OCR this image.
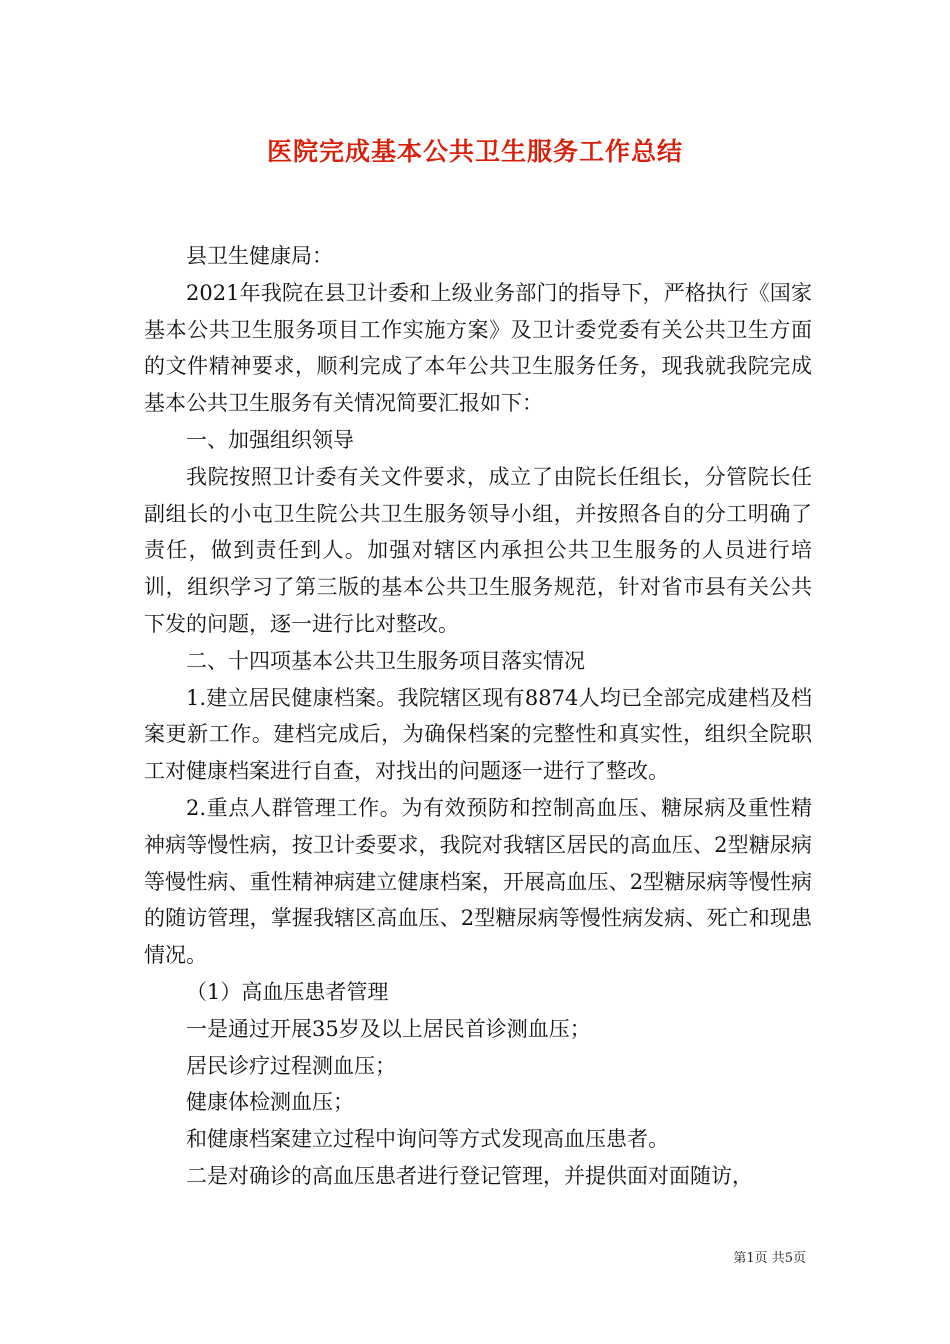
医院完成基本公共卫生服务工作总结

县卫生健康局：

2021年我院在县卫计委和上级业务部门的指导下，严格执行《国家基本公共卫生服务项目工作实施方案》及卫计委党委有关公共卫生方面的文件精神要求，顺利完成了本年公共卫生服务任务，现我就我院完成基本公共卫生服务有关情况简要汇报如下：

一、加强组织领导

我院按照卫计委有关文件要求，成立了由院长任组长，分管院长任副组长的小屯卫生院公共卫生服务领导小组，并按照各自的分工明确了责任，做到责任到人。加强对辖区内承担公共卫生服务的人员进行培训，组织学习了第三版的基本公共卫生服务规范，针对省市县有关公共下发的问题，逐一进行比对整改。

二、十四项基本公共卫生服务项目落实情况

1.建立居民健康档案。我院辖区现有8874人均已全部完成建档及档案更新工作。建档完成后，为确保档案的完整性和真实性，组织全院职工对健康档案进行自查，对找出的问题逐一进行了整改。

2.重点人群管理工作。为有效预防和控制高血压、糖尿病及重性精神病等慢性病，按卫计委要求，我院对我辖区居民的高血压、2型糖尿病等慢性病、重性精神病建立健康档案，开展高血压、2型糖尿病等慢性病的随访管理，掌握我辖区高血压、2型糖尿病等慢性病发病、死亡和现患情况。

（1）高血压患者管理

一是通过开展35岁及以上居民首诊测血压；

居民诊疗过程测血压；

健康体检测血压；

和健康档案建立过程中询问等方式发现高血压患者。

二是对确诊的高血压患者进行登记管理，并提供面对面随访，

第1页 共5页
